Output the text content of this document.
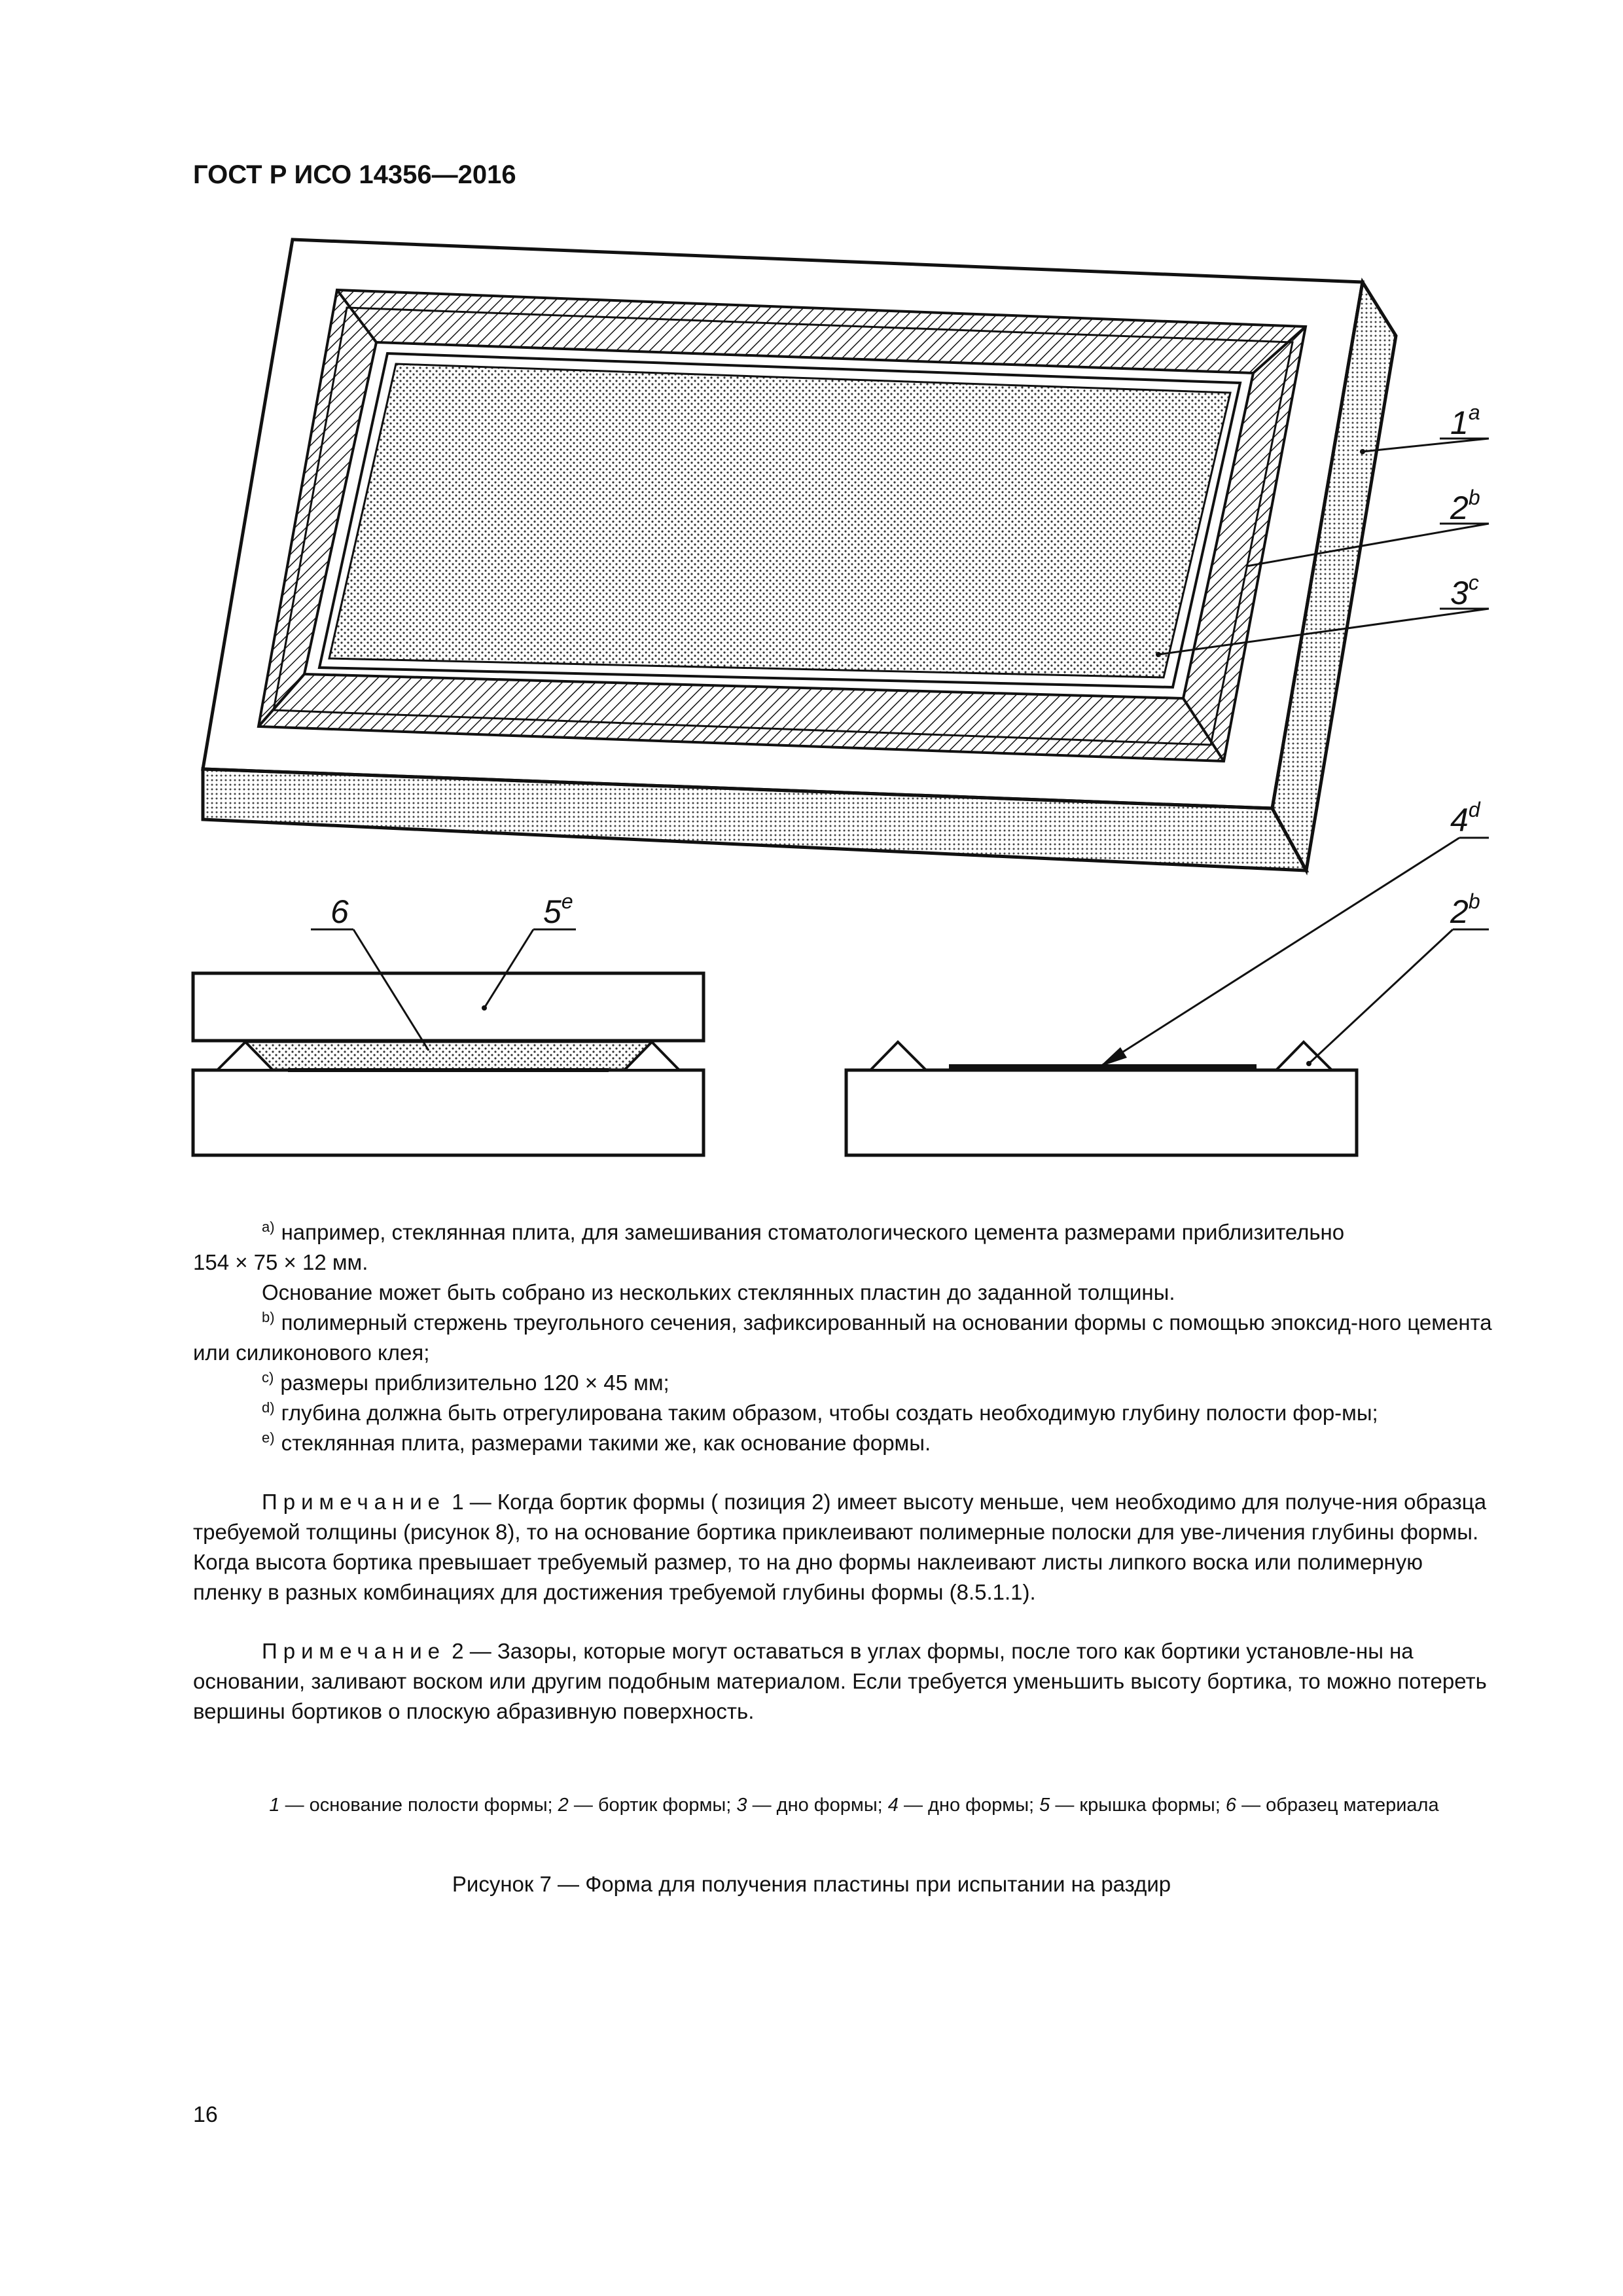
ГОСТ Р ИСО 14356—2016
1$^a$
2$^b$
3$^c$
6	5e
4$^d$
2$^b$

$^{a)}$ например, стеклянная плита, для замешивания стоматологического цемента размерами приблизительно

154 × 75 × 12 мм.

Основание может быть собрано из нескольких стеклянных пластин до заданной толщины.

$^{b)}$ полимерный стержень треугольного сечения, зафиксированный на основании формы с помощью эпоксид-ного цемента или силиконового клея;

$^{c)}$ размеры приблизительно 120 × 45 мм;

$^{d)}$ глубина должна быть отрегулирована таким образом, чтобы создать необходимую глубину полости фор-мы;

$^{e)}$ стеклянная плита, размерами такими же, как основание формы.

Примечание 1 — Когда бортик формы ( позиция 2) имеет высоту меньше, чем необходимо для получе-ния образца требуемой толщины (рисунок 8), то на основание бортика приклеивают полимерные полоски для уве-личения глубины формы. Когда высота бортика превышает требуемый размер, то на дно формы наклеивают листы липкого воска или полимерную пленку в разных комбинациях для достижения требуемой глубины формы (8.5.1.1).

Примечание 2 — Зазоры, которые могут оставаться в углах формы, после того как бортики установле-ны на основании, заливают воском или другим подобным материалом. Если требуется уменьшить высоту бортика, то можно потереть вершины бортиков о плоскую абразивную поверхность.

1 — основание полости формы; 2 — бортик формы; 3 — дно формы; 4 — дно формы; 5 — крышка формы; 6 — образец материала
Рисунок 7 — Форма для получения пластины при испытании на раздир
16
